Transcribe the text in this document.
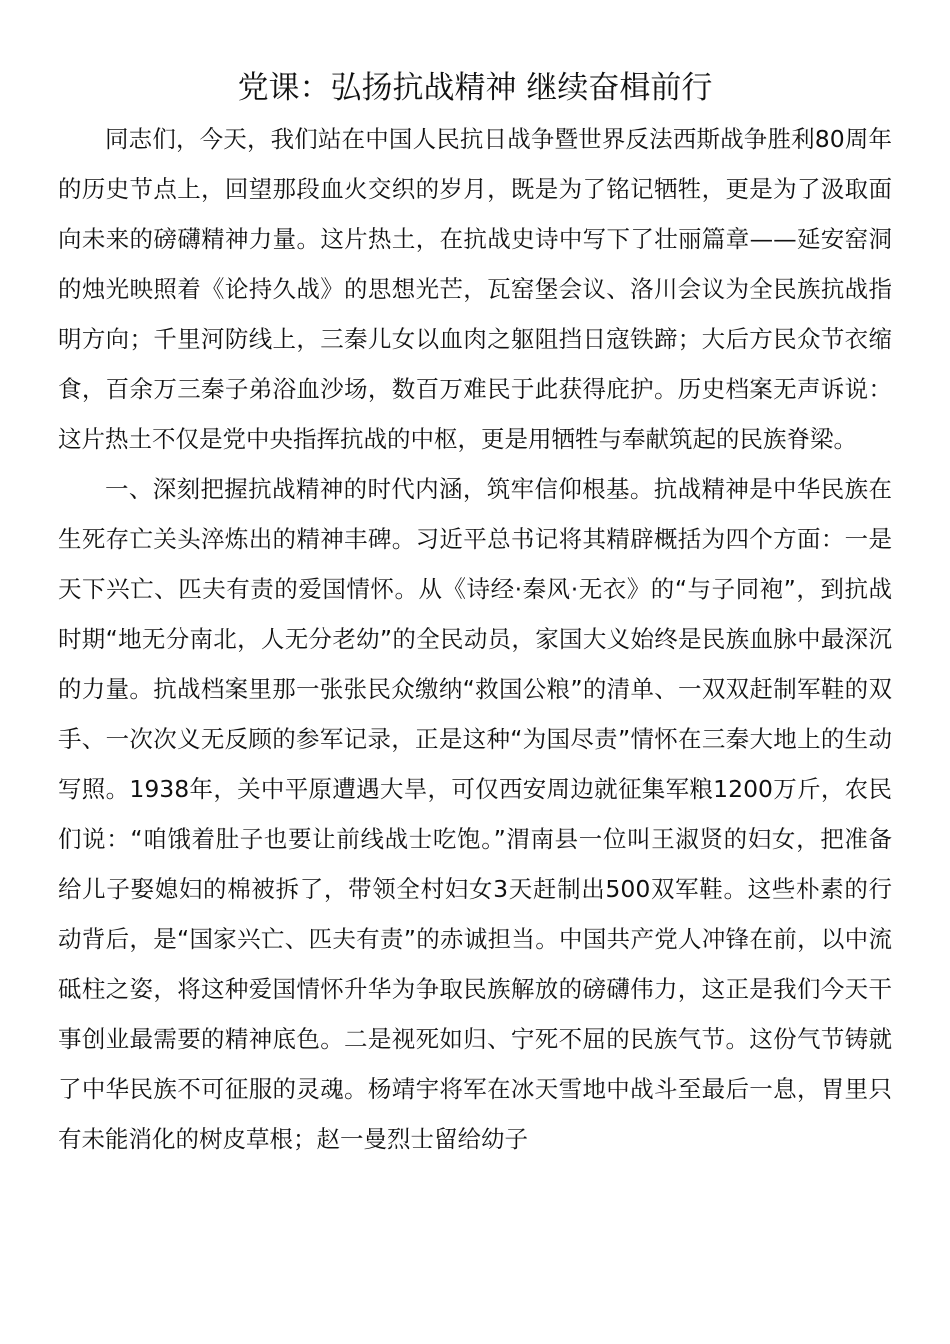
党课：弘扬抗战精神 继续奋楫前行

同志们，今天，我们站在中国人民抗日战争暨世界反法西斯战争胜利80周年的历史节点上，回望那段血火交织的岁月，既是为了铭记牺牲，更是为了汲取面向未来的磅礴精神力量。这片热土，在抗战史诗中写下了壮丽篇章——延安窑洞的烛光映照着《论持久战》的思想光芒，瓦窑堡会议、洛川会议为全民族抗战指明方向；千里河防线上，三秦儿女以血肉之躯阻挡日寇铁蹄；大后方民众节衣缩食，百余万三秦子弟浴血沙场，数百万难民于此获得庇护。历史档案无声诉说：这片热土不仅是党中央指挥抗战的中枢，更是用牺牲与奉献筑起的民族脊梁。

一、深刻把握抗战精神的时代内涵，筑牢信仰根基。抗战精神是中华民族在生死存亡关头淬炼出的精神丰碑。习近平总书记将其精辟概括为四个方面：一是天下兴亡、匹夫有责的爱国情怀。从《诗经·秦风·无衣》的“与子同袍”，到抗战时期“地无分南北，人无分老幼”的全民动员，家国大义始终是民族血脉中最深沉的力量。抗战档案里那一张张民众缴纳“救国公粮”的清单、一双双赶制军鞋的双手、一次次义无反顾的参军记录，正是这种“为国尽责”情怀在三秦大地上的生动写照。1938年，关中平原遭遇大旱，可仅西安周边就征集军粮1200万斤，农民们说：“咱饿着肚子也要让前线战士吃饱。”渭南县一位叫王淑贤的妇女，把准备给儿子娶媳妇的棉被拆了，带领全村妇女3天赶制出500双军鞋。这些朴素的行动背后，是“国家兴亡、匹夫有责”的赤诚担当。中国共产党人冲锋在前，以中流砥柱之姿，将这种爱国情怀升华为争取民族解放的磅礴伟力，这正是我们今天干事创业最需要的精神底色。二是视死如归、宁死不屈的民族气节。这份气节铸就了中华民族不可征服的灵魂。杨靖宇将军在冰天雪地中战斗至最后一息，胃里只有未能消化的树皮草根；赵一曼烈士留给幼子
